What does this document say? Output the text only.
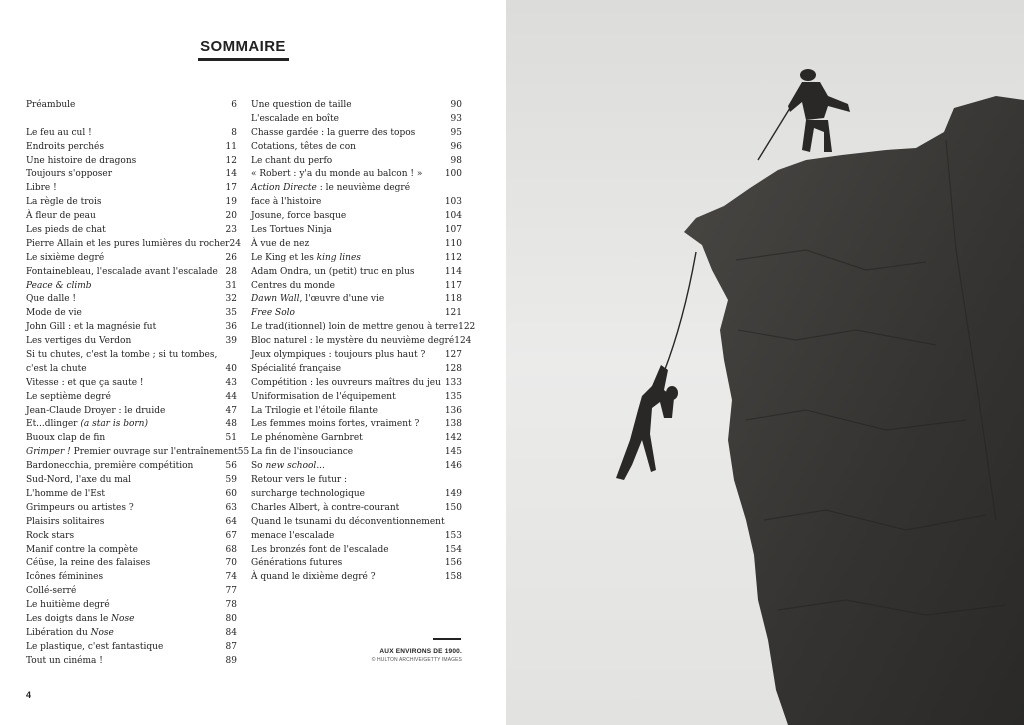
SOMMAIRE
Préambule	6
Le feu au cul !	8
Endroits perchés	11
Une histoire de dragons	12
Toujours s'opposer	14
Libre !	17
La règle de trois	19
À fleur de peau	20
Les pieds de chat	23
Pierre Allain et les pures lumières du rocher 24
Le sixième degré	26
Fontainebleau, l'escalade avant l'escalade 28
Peace & climb	31
Que dalle !	32
Mode de vie	35
John Gill : et la magnésie fut	36
Les vertiges du Verdon	39
Si tu chutes, c'est la tombe ; si tu tombes,
c'est la chute	40
Vitesse : et que ça saute !	43
Le septième degré	44
Jean-Claude Droyer : le druide	47
Et...dlinger (a star is born)	48
Buoux clap de fin	51
Grimper ! Premier ouvrage sur l'entraînement 55
Bardonecchia, première compétition	56
Sud-Nord, l'axe du mal	59
L'homme de l'Est	60
Grimpeurs ou artistes ?	63
Plaisirs solitaires	64
Rock stars	67
Manif contre la compète	68
Céüse, la reine des falaises	70
Icônes féminines	74
Collé-serré	77
Le huitième degré	78
Les doigts dans le Nose	80
Libération du Nose	84
Le plastique, c'est fantastique	87
Tout un cinéma !	89
Une question de taille	90
L'escalade en boîte	93
Chasse gardée : la guerre des topos	95
Cotations, têtes de con	96
Le chant du perfo	98
« Robert : y'a du monde au balcon ! »	100
Action Directe : le neuvième degré
face à l'histoire	103
Josune, force basque	104
Les Tortues Ninja	107
À vue de nez	110
Le King et les king lines	112
Adam Ondra, un (petit) truc en plus	114
Centres du monde	117
Dawn Wall, l'œuvre d'une vie	118
Free Solo	121
Le trad(itionnel) loin de mettre genou à terre 122
Bloc naturel : le mystère du neuvième degré 124
Jeux olympiques : toujours plus haut ?	127
Spécialité française	128
Compétition : les ouvreurs maîtres du jeu 133
Uniformisation de l'équipement	135
La Trilogie et l'étoile filante	136
Les femmes moins fortes, vraiment ?	138
Le phénomène Garnbret	142
La fin de l'insouciance	145
So new school...	146
Retour vers le futur :
surcharge technologique	149
Charles Albert, à contre-courant	150
Quand le tsunami du déconventionnement
menace l'escalade	153
Les bronzés font de l'escalade	154
Générations futures	156
À quand le dixième degré ?	158
AUX ENVIRONS DE 1900.
© HULTON ARCHIVE/GETTY IMAGES
4
